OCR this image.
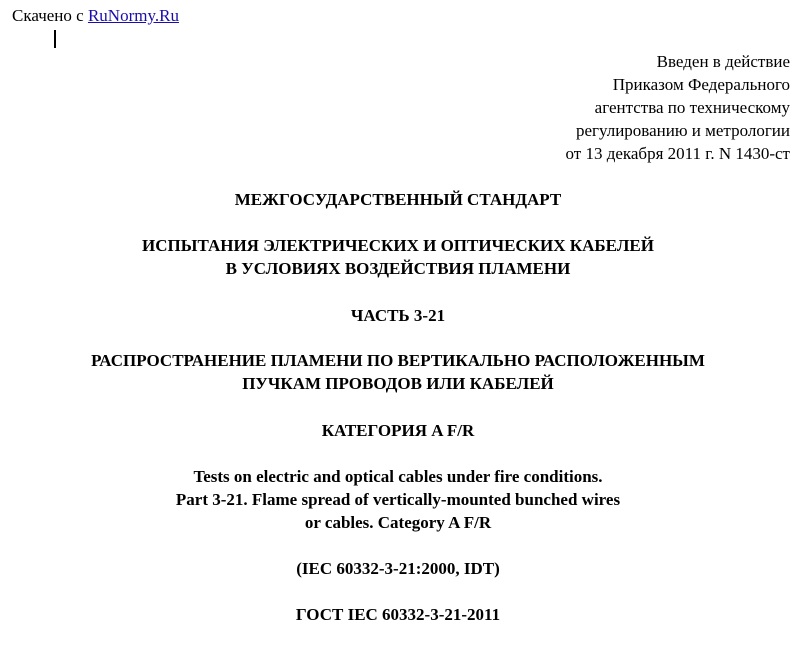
Скачено с RuNormy.Ru
Введен в действие
Приказом Федерального
агентства по техническому
регулированию и метрологии
от 13 декабря 2011 г. N 1430-ст
МЕЖГОСУДАРСТВЕННЫЙ СТАНДАРТ
ИСПЫТАНИЯ ЭЛЕКТРИЧЕСКИХ И ОПТИЧЕСКИХ КАБЕЛЕЙ
В УСЛОВИЯХ ВОЗДЕЙСТВИЯ ПЛАМЕНИ
ЧАСТЬ 3-21
РАСПРОСТРАНЕНИЕ ПЛАМЕНИ ПО ВЕРТИКАЛЬНО РАСПОЛОЖЕННЫМ
ПУЧКАМ ПРОВОДОВ ИЛИ КАБЕЛЕЙ
КАТЕГОРИЯ A F/R
Tests on electric and optical cables under fire conditions.
Part 3-21. Flame spread of vertically-mounted bunched wires
or cables. Category A F/R
(IEC 60332-3-21:2000, IDT)
ГОСТ IEC 60332-3-21-2011
